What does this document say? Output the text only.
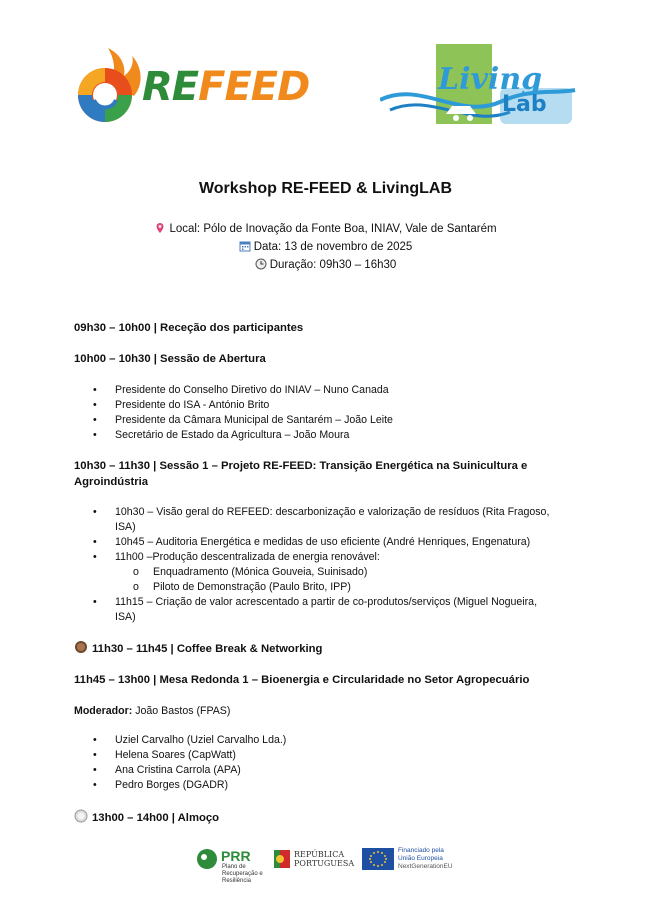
REFEED	Living
Lab
Workshop RE-FEED & LivingLAB
Local: Pólo de Inovação da Fonte Boa, INIAV, Vale de Santarém
Data: 13 de novembro de 2025
Duração: 09h30 – 16h30
09h30 – 10h00 | Receção dos participantes
10h00 – 10h30 | Sessão de Abertura
• Presidente do Conselho Diretivo do INIAV – Nuno Canada
• Presidente do ISA - António Brito
• Presidente da Câmara Municipal de Santarém – João Leite
• Secretário de Estado da Agricultura – João Moura
10h30 – 11h30 | Sessão 1 – Projeto RE-FEED: Transição Energética na Suinicultura e Agroindústria
• 10h30 – Visão geral do REFEED: descarbonização e valorização de resíduos (Rita Fragoso, ISA)
• 10h45 – Auditoria Energética e medidas de uso eficiente (André Henriques, Engenatura)
• 11h00 –Produção descentralizada de energia renovável:
o Enquadramento (Mónica Gouveia, Suinisado)
o Piloto de Demonstração (Paulo Brito, IPP)
• 11h15 – Criação de valor acrescentado a partir de co-produtos/serviços (Miguel Nogueira, ISA)
11h30 – 11h45 | Coffee Break & Networking
11h45 – 13h00 | Mesa Redonda 1 – Bioenergia e Circularidade no Setor Agropecuário
Moderador: João Bastos (FPAS)
• Uziel Carvalho (Uziel Carvalho Lda.)
• Helena Soares (CapWatt)
• Ana Cristina Carrola (APA)
• Pedro Borges (DGADR)
13h00 – 14h00 | Almoço
PRR
Plano de Recuperação e Resiliência
REPÚBLICA
PORTUGUESA
Financiado pela
União Europeia
NextGenerationEU
